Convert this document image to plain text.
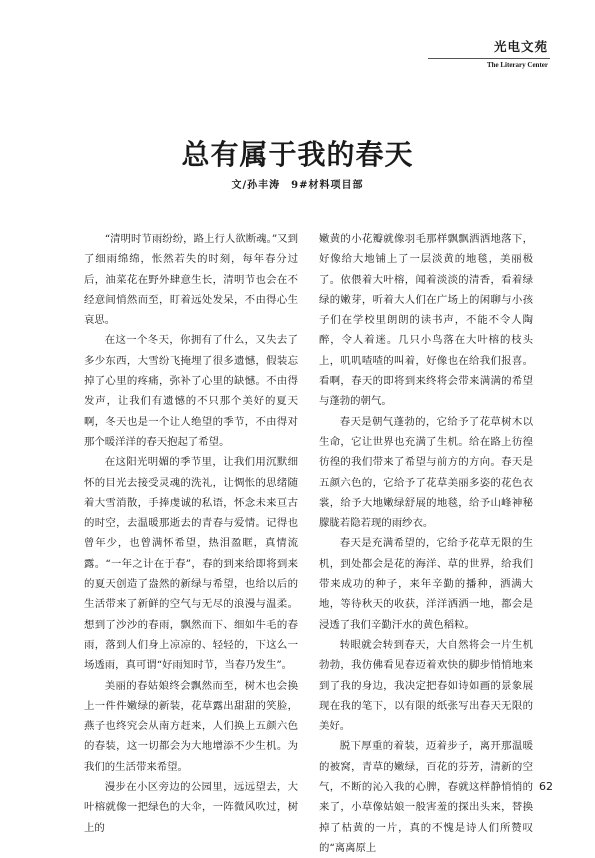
光电文苑
The Literary Center
总有属于我的春天
文/孙丰涛　9#材料项目部

“清明时节雨纷纷，路上行人欲断魂。”又到了细雨绵绵，怅然若失的时刻，每年春分过后，油菜花在野外肆意生长，清明节也会在不经意间悄然而至，盯着远处发呆，不由得心生哀思。

在这一个冬天，你拥有了什么，又失去了多少东西，大雪纷飞掩埋了很多遗憾，假装忘掉了心里的疼痛，弥补了心里的缺憾。不由得发声，让我们有遗憾的不只那个美好的夏天啊，冬天也是一个让人绝望的季节，不由得对那个暖洋洋的春天抱起了希望。

在这阳光明媚的季节里，让我们用沉默细怀的目光去接受灵魂的洗礼，让惆怅的思绪随着大雪消散，手捧虔诚的私语，怀念未来亘古的时空，去温暖那逝去的青春与爱情。记得也曾年少，也曾满怀希望，热泪盈眶，真情流露。“一年之计在于春”，春的到来给即将到来的夏天创造了盎然的新绿与希望，也给以后的生活带来了新鲜的空气与无尽的浪漫与温柔。想到了沙沙的春雨，飘然而下、细如牛毛的春雨，落到人们身上凉凉的、轻轻的，下这么一场透雨，真可谓“好雨知时节，当春乃发生”。

美丽的春姑娘终会飘然而至，树木也会换上一件件嫩绿的新装，花草露出甜甜的笑脸，燕子也终究会从南方赶来，人们换上五颜六色的春装，这一切都会为大地增添不少生机。为我们的生活带来希望。

漫步在小区旁边的公园里，远远望去，大叶榕就像一把绿色的大伞，一阵微风吹过，树上的

嫩黄的小花瓣就像羽毛那样飘飘洒洒地落下，好像给大地铺上了一层淡黄的地毯，美丽极了。依偎着大叶榕，闻着淡淡的清香，看着绿绿的嫩芽，听着大人们在广场上的闲聊与小孩子们在学校里朗朗的读书声，不能不令人陶醉，令人着迷。几只小鸟落在大叶榕的枝头上，叽叽喳喳的叫着，好像也在给我们报喜。看啊，春天的即将到来终将会带来满满的希望与蓬勃的朝气。

春天是朝气蓬勃的，它给予了花草树木以生命，它让世界也充满了生机。给在路上彷徨彷徨的我们带来了希望与前方的方向。春天是五颜六色的，它给予了花草美丽多姿的花色衣裳，给予大地嫩绿舒展的地毯，给予山峰神秘朦胧若隐若现的雨纱衣。

春天是充满希望的，它给予花草无限的生机，到处都会是花的海洋、草的世界，给我们带来成功的种子，来年辛勤的播种，洒满大地，等待秋天的收获，洋洋洒洒一地，都会是浸透了我们辛勤汗水的黄色稻粒。

转眼就会转到春天，大自然将会一片生机勃勃，我仿佛看见春迈着欢快的脚步悄悄地来到了我的身边，我决定把春如诗如画的景象展现在我的笔下，以有限的纸张写出春天无限的美好。

脱下厚重的着装，迈着步子，离开那温暖的被窝，青草的嫩绿，百花的芬芳，清新的空气，不断的沁入我的心脾，春就这样静悄悄的来了，小草像姑娘一般害羞的探出头来，替换掉了枯黄的一片，真的不愧是诗人们所赞叹的“离离原上

62
